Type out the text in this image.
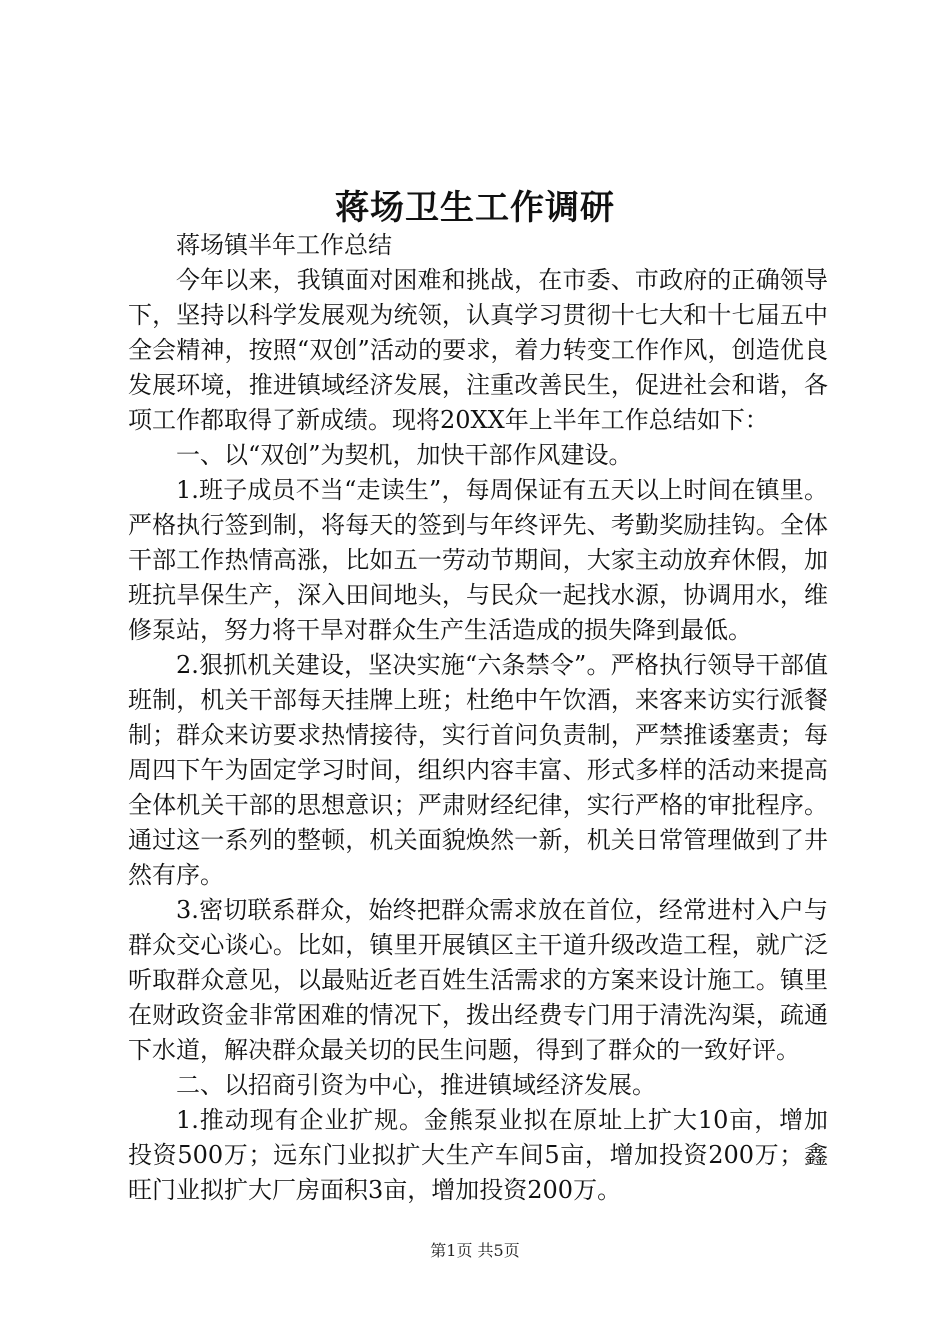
蒋场卫生工作调研

蒋场镇半年工作总结

今年以来，我镇面对困难和挑战，在市委、市政府的正确领导下，坚持以科学发展观为统领，认真学习贯彻十七大和十七届五中全会精神，按照“双创”活动的要求，着力转变工作作风，创造优良发展环境，推进镇域经济发展，注重改善民生，促进社会和谐，各项工作都取得了新成绩。现将20XX年上半年工作总结如下：

一、以“双创”为契机，加快干部作风建设。

1.班子成员不当“走读生”，每周保证有五天以上时间在镇里。严格执行签到制，将每天的签到与年终评先、考勤奖励挂钩。全体干部工作热情高涨，比如五一劳动节期间，大家主动放弃休假，加班抗旱保生产，深入田间地头，与民众一起找水源，协调用水，维修泵站，努力将干旱对群众生产生活造成的损失降到最低。

2.狠抓机关建设，坚决实施“六条禁令”。严格执行领导干部值班制，机关干部每天挂牌上班；杜绝中午饮酒，来客来访实行派餐制；群众来访要求热情接待，实行首问负责制，严禁推诿塞责；每周四下午为固定学习时间，组织内容丰富、形式多样的活动来提高全体机关干部的思想意识；严肃财经纪律，实行严格的审批程序。通过这一系列的整顿，机关面貌焕然一新，机关日常管理做到了井然有序。

3.密切联系群众，始终把群众需求放在首位，经常进村入户与群众交心谈心。比如，镇里开展镇区主干道升级改造工程，就广泛听取群众意见，以最贴近老百姓生活需求的方案来设计施工。镇里在财政资金非常困难的情况下，拨出经费专门用于清洗沟渠，疏通下水道，解决群众最关切的民生问题，得到了群众的一致好评。

二、以招商引资为中心，推进镇域经济发展。

1.推动现有企业扩规。金熊泵业拟在原址上扩大10亩，增加投资500万；远东门业拟扩大生产车间5亩，增加投资200万；鑫旺门业拟扩大厂房面积3亩，增加投资200万。

第1页 共5页
